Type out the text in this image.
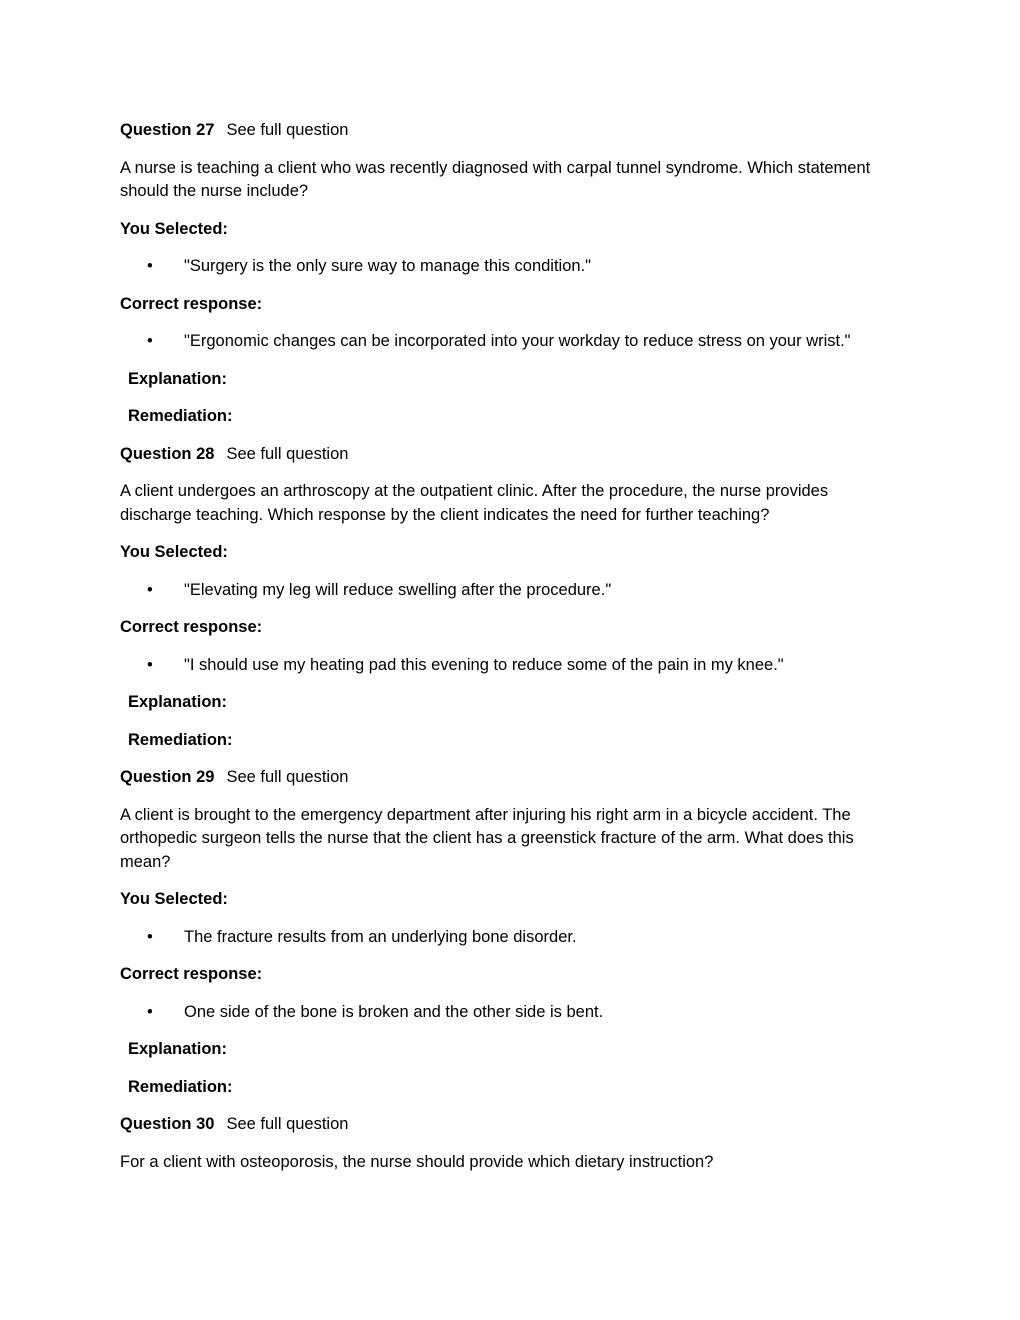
Question 27 See full question

A nurse is teaching a client who was recently diagnosed with carpal tunnel syndrome. Which statement should the nurse include?

You Selected:

•	"Surgery is the only sure way to manage this condition."

Correct response:

•	"Ergonomic changes can be incorporated into your workday to reduce stress on your wrist."

Explanation:

Remediation:

Question 28 See full question

A client undergoes an arthroscopy at the outpatient clinic. After the procedure, the nurse provides discharge teaching. Which response by the client indicates the need for further teaching?

You Selected:

•	"Elevating my leg will reduce swelling after the procedure."

Correct response:

•	"I should use my heating pad this evening to reduce some of the pain in my knee."

Explanation:

Remediation:

Question 29 See full question

A client is brought to the emergency department after injuring his right arm in a bicycle accident. The orthopedic surgeon tells the nurse that the client has a greenstick fracture of the arm. What does this mean?

You Selected:

•	The fracture results from an underlying bone disorder.

Correct response:

•	One side of the bone is broken and the other side is bent.

Explanation:

Remediation:

Question 30 See full question

For a client with osteoporosis, the nurse should provide which dietary instruction?
